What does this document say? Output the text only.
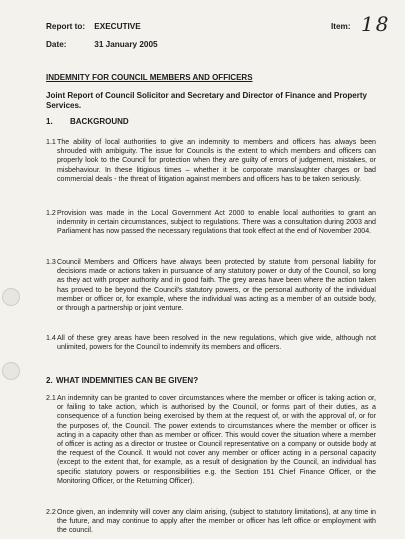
Report to: EXECUTIVE
Date:	31 January 2005
Item: 18
INDEMNITY FOR COUNCIL MEMBERS AND OFFICERS
Joint Report of Council Solicitor and Secretary and Director of Finance and Property Services.
1. BACKGROUND
1.1 The ability of local authorities to give an indemnity to members and officers has always been shrouded with ambiguity. The issue for Councils is the extent to which members and officers can properly look to the Council for protection when they are guilty of errors of judgement, mistakes, or misbehaviour. In these litigious times – whether it be corporate manslaughter charges or bad commercial deals - the threat of litigation against members and officers has to be taken seriously.
1.2 Provision was made in the Local Government Act 2000 to enable local authorities to grant an indemnity in certain circumstances, subject to regulations. There was a consultation during 2003 and Parliament has now passed the necessary regulations that took effect at the end of November 2004.
1.3 Council Members and Officers have always been protected by statute from personal liability for decisions made or actions taken in pursuance of any statutory power or duty of the Council, so long as they act with proper authority and in good faith. The grey areas have been where the action taken has proved to be beyond the Council's statutory powers, or the personal authority of the individual member or officer or, for example, where the individual was acting as a member of an outside body, or through a partnership or joint venture.
1.4 All of these grey areas have been resolved in the new regulations, which give wide, although not unlimited, powers for the Council to indemnify its members and officers.
2. WHAT INDEMNITIES CAN BE GIVEN?
2.1 An indemnity can be granted to cover circumstances where the member or officer is taking action or, or failing to take action, which is authorised by the Council, or forms part of their duties, as a consequence of a function being exercised by them at the request of, or with the approval of, or for the purposes of, the Council. The power extends to circumstances where the member or officer is acting in a capacity other than as member or officer. This would cover the situation where a member of officer is acting as a director or trustee or Council representative on a company or outside body at the request of the Council. It would not cover any member or officer acting in a personal capacity (except to the extent that, for example, as a result of designation by the Council, an individual has specific statutory powers or responsibilities e.g. the Section 151 Chief Finance Officer, or the Monitoring Officer, or the Returning Officer).
2.2 Once given, an indemnity will cover any claim arising, (subject to statutory limitations), at any time in the future, and may continue to apply after the member or officer has left office or employment with the council.
